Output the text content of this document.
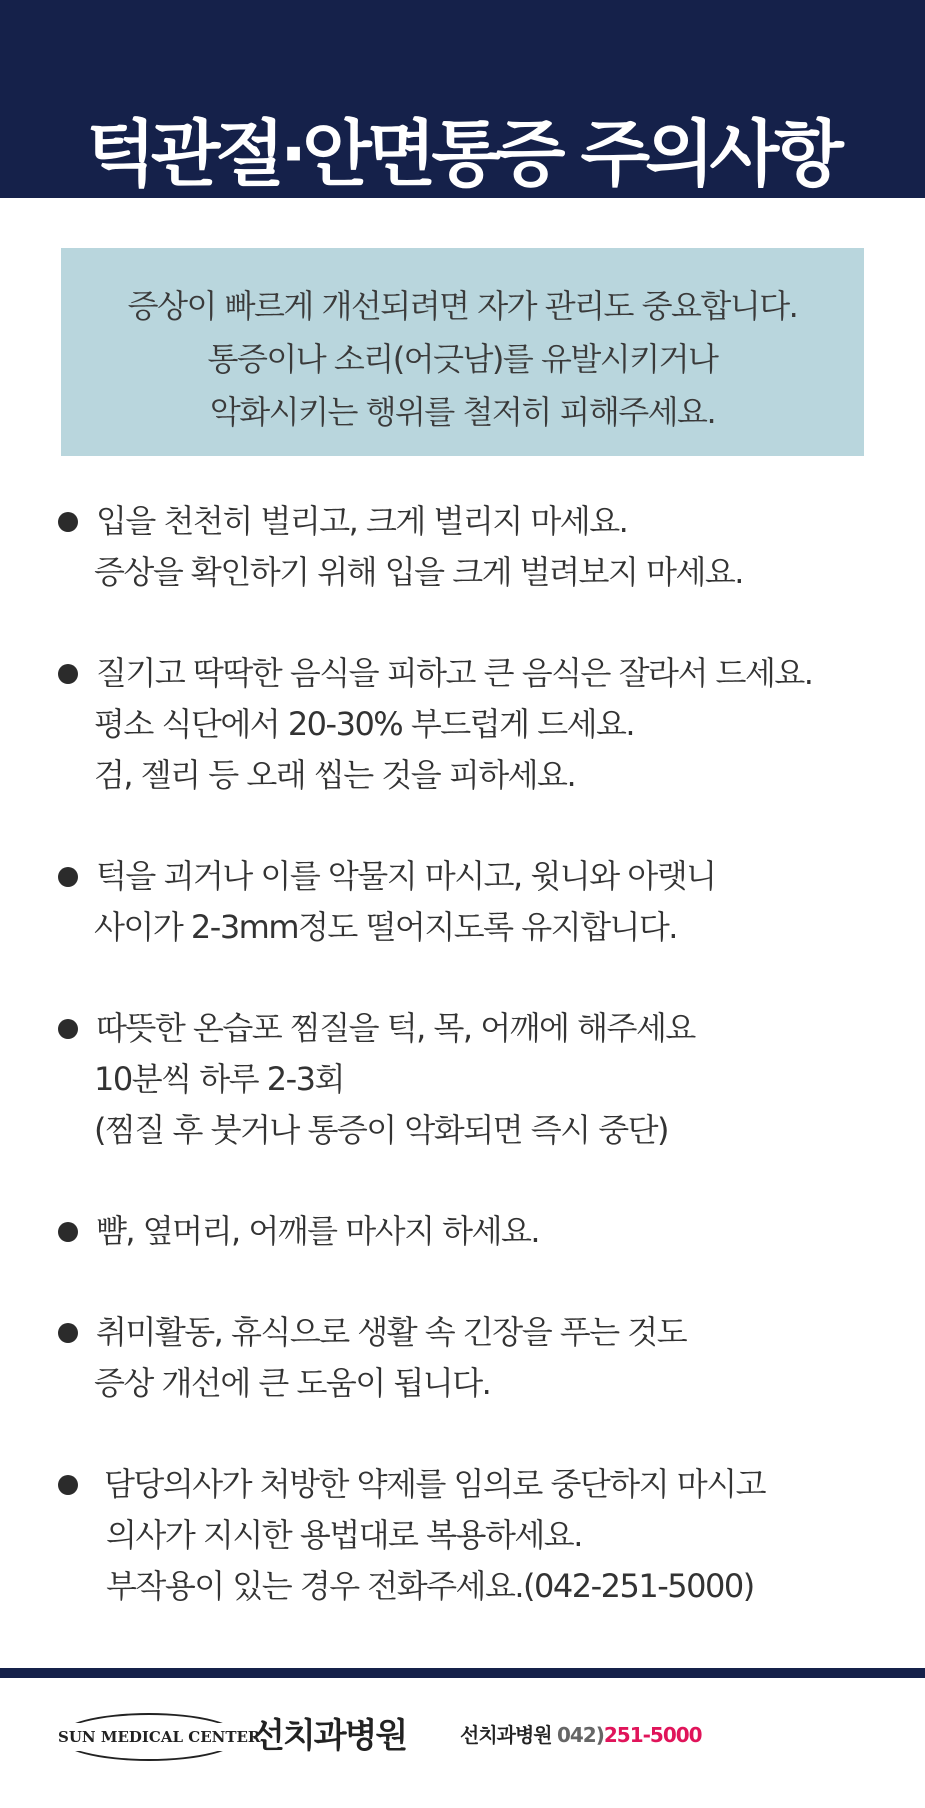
턱관절·안면통증 주의사항
증상이 빠르게 개선되려면 자가 관리도 중요합니다.
통증이나 소리(어긋남)를 유발시키거나
악화시키는 행위를 철저히 피해주세요.
입을 천천히 벌리고, 크게 벌리지 마세요.
증상을 확인하기 위해 입을 크게 벌려보지 마세요.
질기고 딱딱한 음식을 피하고 큰 음식은 잘라서 드세요.
평소 식단에서 20-30% 부드럽게 드세요.
검, 젤리 등 오래 씹는 것을 피하세요.
턱을 괴거나 이를 악물지 마시고, 윗니와 아랫니
사이가 2-3mm정도 떨어지도록 유지합니다.
따뜻한 온습포 찜질을 턱, 목, 어깨에 해주세요
10분씩 하루 2-3회
(찜질 후 붓거나 통증이 악화되면 즉시 중단)
뺨, 옆머리, 어깨를 마사지 하세요.
취미활동, 휴식으로 생활 속 긴장을 푸는 것도
증상 개선에 큰 도움이 됩니다.
담당의사가 처방한 약제를 임의로 중단하지 마시고
의사가 지시한 용법대로 복용하세요.
부작용이 있는 경우 전화주세요.(042-251-5000)
SUN MEDICAL CENTER
선치과병원	선치과병원 042)251-5000
